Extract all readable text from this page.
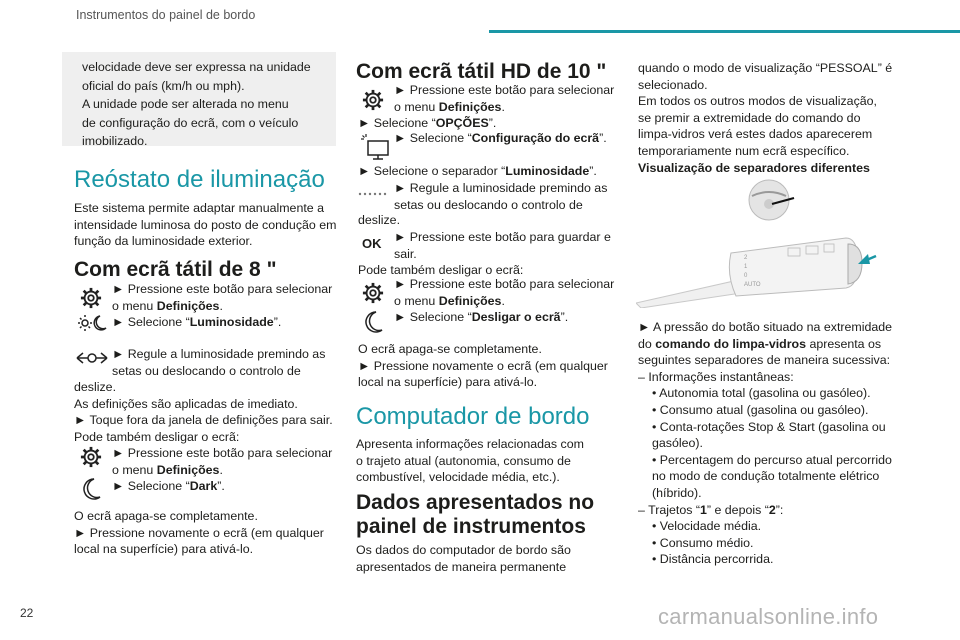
Instrumentos do painel de bordo
velocidade deve ser expressa na unidade
oficial do país (km/h ou mph).
A unidade pode ser alterada no menu
de configuração do ecrã, com o veículo
imobilizado.
Reóstato de iluminação
Este sistema permite adaptar manualmente a
intensidade luminosa do posto de condução em
função da luminosidade exterior.
Com ecrã tátil de 8 "
► Pressione este botão para selecionar
o menu Definições.
► Selecione “Luminosidade”.
► Regule a luminosidade premindo as
setas ou deslocando o controlo de
deslize.
As definições são aplicadas de imediato.
► Toque fora da janela de definições para sair.
Pode também desligar o ecrã:
► Pressione este botão para selecionar
o menu Definições.
► Selecione “Dark”.
O ecrã apaga-se completamente.
► Pressione novamente o ecrã (em qualquer
local na superfície) para ativá-lo.
Com ecrã tátil HD de 10 "
► Pressione este botão para selecionar
o menu Definições.
► Selecione “OPÇÕES”.
► Selecione “Configuração do ecrã”.
► Selecione o separador “Luminosidade”.
► Regule a luminosidade premindo as
setas ou deslocando o controlo de
deslize.
OK ► Pressione este botão para guardar e
sair.
Pode também desligar o ecrã:
► Pressione este botão para selecionar
o menu Definições.
► Selecione “Desligar o ecrã”.
O ecrã apaga-se completamente.
► Pressione novamente o ecrã (em qualquer
local na superfície) para ativá-lo.
Computador de bordo
Apresenta informações relacionadas com
o trajeto atual (autonomia, consumo de
combustível, velocidade média, etc.).
Dados apresentados no
painel de instrumentos
Os dados do computador de bordo são
apresentados de maneira permanente
quando o modo de visualização “PESSOAL” é
selecionado.
Em todos os outros modos de visualização,
se premir a extremidade do comando do
limpa-vidros verá estes dados aparecerem
temporariamente num ecrã específico.
Visualização de separadores diferentes
AUTO
0
1
2
► A pressão do botão situado na extremidade
do comando do limpa-vidros apresenta os
seguintes separadores de maneira sucessiva:
– Informações instantâneas:
• Autonomia total (gasolina ou gasóleo).
• Consumo atual (gasolina ou gasóleo).
• Conta-rotações Stop & Start (gasolina ou
gasóleo).
• Percentagem do percurso atual percorrido
no modo de condução totalmente elétrico
(híbrido).
– Trajetos “1” e depois “2”:
• Velocidade média.
• Consumo médio.
• Distância percorrida.
22	carmanualsonline.info
